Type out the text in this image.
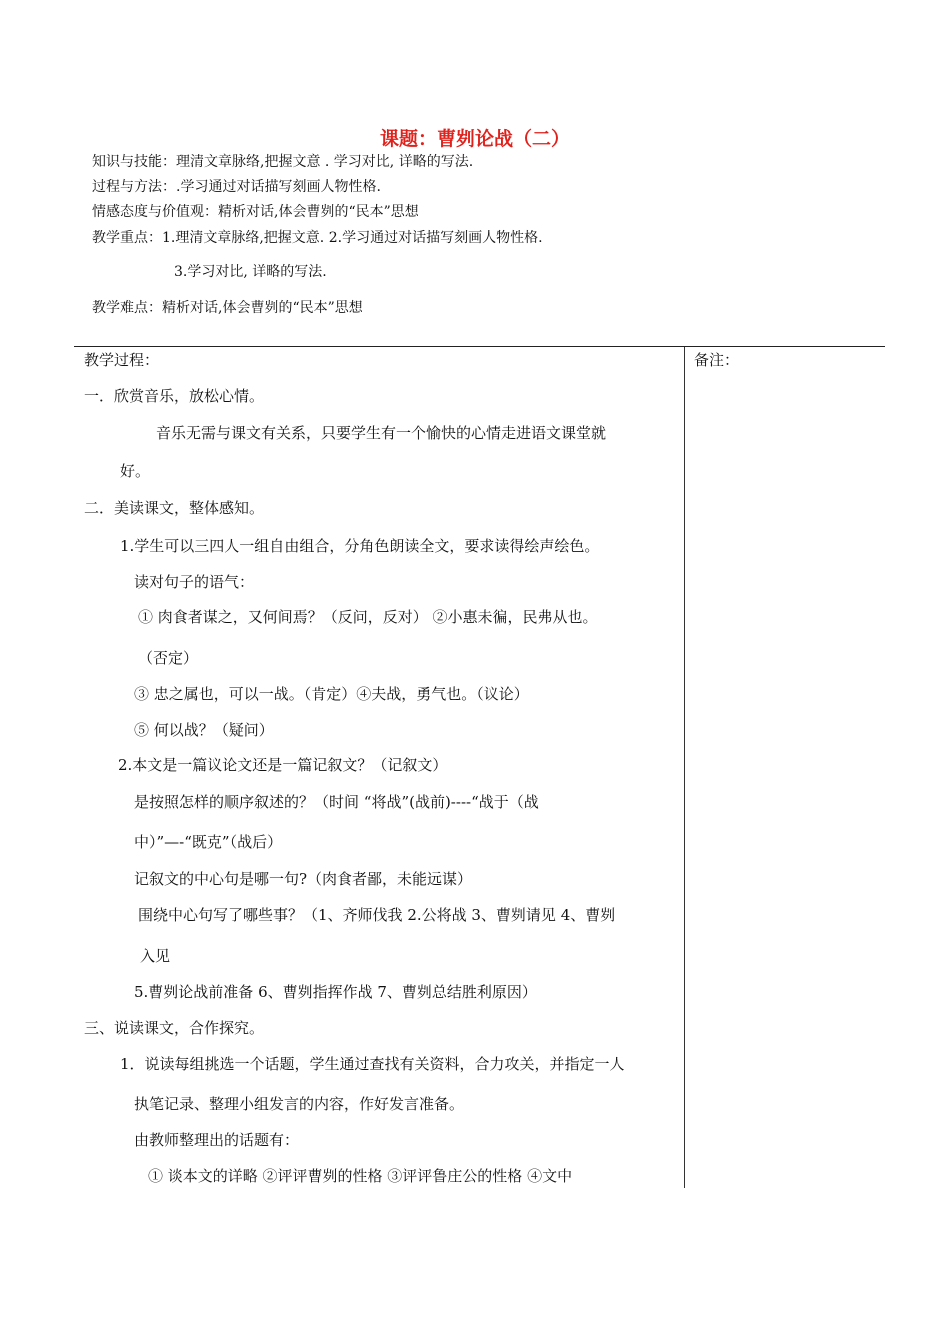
课题：曹刿论战（二）
知识与技能：理清文章脉络,把握文意 . 学习对比, 详略的写法.
过程与方法：.学习通过对话描写刻画人物性格.
情感态度与价值观：精析对话,体会曹刿的“民本”思想
教学重点：1.理清文章脉络,把握文意. 2.学习通过对话描写刻画人物性格.
3.学习对比, 详略的写法.
教学难点：精析对话,体会曹刿的“民本”思想
教学过程：	备注：
一．欣赏音乐，放松心情。
音乐无需与课文有关系，只要学生有一个愉快的心情走进语文课堂就
好。
二．美读课文，整体感知。
1.学生可以三四人一组自由组合，分角色朗读全文，要求读得绘声绘色。
读对句子的语气：
① 肉食者谋之，又何间焉？（反问，反对） ②小惠未徧，民弗从也。
（否定）
③ 忠之属也，可以一战。（肯定）④夫战，勇气也。（议论）
⑤ 何以战？（疑问）
2.本文是一篇议论文还是一篇记叙文？（记叙文）
是按照怎样的顺序叙述的？（时间 “将战”(战前)----“战于（战
中）”—-“既克”（战后）
记叙文的中心句是哪一句?（肉食者鄙，未能远谋）
围绕中心句写了哪些事？（1、齐师伐我 2.公将战 3、曹刿请见 4、曹刿
入见
5.曹刿论战前准备 6、曹刿指挥作战 7、曹刿总结胜利原因）
三、说读课文，合作探究。
1．说读每组挑选一个话题，学生通过查找有关资料，合力攻关，并指定一人
执笔记录、整理小组发言的内容，作好发言准备。
由教师整理出的话题有：
① 谈本文的详略 ②评评曹刿的性格 ③评评鲁庄公的性格 ④文中
